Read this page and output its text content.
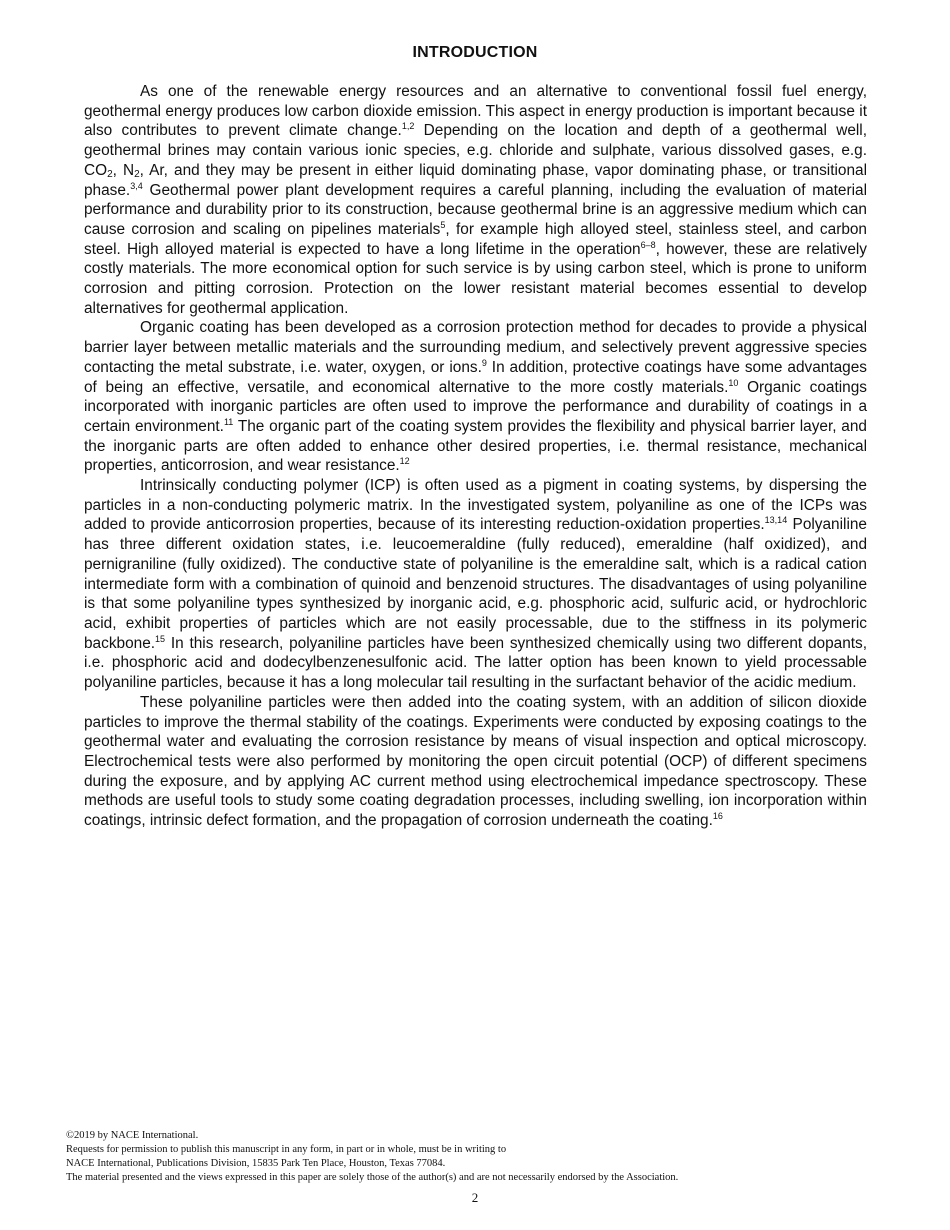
INTRODUCTION

As one of the renewable energy resources and an alternative to conventional fossil fuel energy, geothermal energy produces low carbon dioxide emission. This aspect in energy production is important because it also contributes to prevent climate change.$^{1,2}$ Depending on the location and depth of a geothermal well, geothermal brines may contain various ionic species, e.g. chloride and sulphate, various dissolved gases, e.g. $CO_2$, $N_2$, Ar, and they may be present in either liquid dominating phase, vapor dominating phase, or transitional phase.$^{3,4}$ Geothermal power plant development requires a careful planning, including the evaluation of material performance and durability prior to its construction, because geothermal brine is an aggressive medium which can cause corrosion and scaling on pipelines materials$^5$, for example high alloyed steel, stainless steel, and carbon steel. High alloyed material is expected to have a long lifetime in the operation$^{6-8}$, however, these are relatively costly materials. The more economical option for such service is by using carbon steel, which is prone to uniform corrosion and pitting corrosion. Protection on the lower resistant material becomes essential to develop alternatives for geothermal application.

Organic coating has been developed as a corrosion protection method for decades to provide a physical barrier layer between metallic materials and the surrounding medium, and selectively prevent aggressive species contacting the metal substrate, i.e. water, oxygen, or ions.$^9$ In addition, protective coatings have some advantages of being an effective, versatile, and economical alternative to the more costly materials.$^{10}$ Organic coatings incorporated with inorganic particles are often used to improve the performance and durability of coatings in a certain environment.$^{11}$ The organic part of the coating system provides the flexibility and physical barrier layer, and the inorganic parts are often added to enhance other desired properties, i.e. thermal resistance, mechanical properties, anticorrosion, and wear resistance.$^{12}$

Intrinsically conducting polymer (ICP) is often used as a pigment in coating systems, by dispersing the particles in a non-conducting polymeric matrix. In the investigated system, polyaniline as one of the ICPs was added to provide anticorrosion properties, because of its interesting reduction-oxidation properties.$^{13,14}$ Polyaniline has three different oxidation states, i.e. leucoemeraldine (fully reduced), emeraldine (half oxidized), and pernigraniline (fully oxidized). The conductive state of polyaniline is the emeraldine salt, which is a radical cation intermediate form with a combination of quinoid and benzenoid structures. The disadvantages of using polyaniline is that some polyaniline types synthesized by inorganic acid, e.g. phosphoric acid, sulfuric acid, or hydrochloric acid, exhibit properties of particles which are not easily processable, due to the stiffness in its polymeric backbone.$^{15}$ In this research, polyaniline particles have been synthesized chemically using two different dopants, i.e. phosphoric acid and dodecylbenzenesulfonic acid. The latter option has been known to yield processable polyaniline particles, because it has a long molecular tail resulting in the surfactant behavior of the acidic medium.

These polyaniline particles were then added into the coating system, with an addition of silicon dioxide particles to improve the thermal stability of the coatings. Experiments were conducted by exposing coatings to the geothermal water and evaluating the corrosion resistance by means of visual inspection and optical microscopy. Electrochemical tests were also performed by monitoring the open circuit potential (OCP) of different specimens during the exposure, and by applying AC current method using electrochemical impedance spectroscopy. These methods are useful tools to study some coating degradation processes, including swelling, ion incorporation within coatings, intrinsic defect formation, and the propagation of corrosion underneath the coating.$^{16}$

©2019 by NACE International.
Requests for permission to publish this manuscript in any form, in part or in whole, must be in writing to
NACE International, Publications Division, 15835 Park Ten Place, Houston, Texas 77084.
The material presented and the views expressed in this paper are solely those of the author(s) and are not necessarily endorsed by the Association.
2
